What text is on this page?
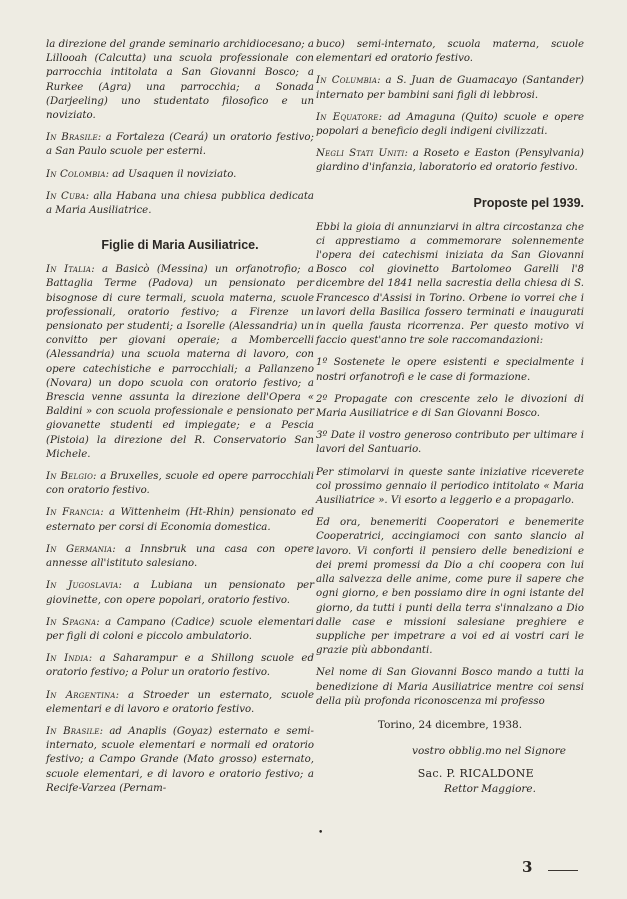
la direzione del grande seminario archidiocesano; a Lillooah (Calcutta) una scuola professionale con parrocchia intitolata a San Giovanni Bosco; a Rurkee (Agra) una parrocchia; a Sonada (Darjeeling) uno studentato filosofico e un noviziato.

In Brasile: a Fortaleza (Ceará) un oratorio festivo; a San Paulo scuole per esterni.

In Colombia: ad Usaquen il noviziato.

In Cuba: alla Habana una chiesa pubblica dedicata a Maria Ausiliatrice.

Figlie di Maria Ausiliatrice.

In Italia: a Basicò (Messina) un orfanotrofio; a Battaglia Terme (Padova) un pensionato per bisognose di cure termali, scuola materna, scuole professionali, oratorio festivo; a Firenze un pensionato per studenti; a Isorelle (Alessandria) un convitto per giovani operaie; a Mombercelli (Alessandria) una scuola materna di lavoro, con opere catechistiche e parrocchiali; a Pallanzeno (Novara) un dopo scuola con oratorio festivo; a Brescia venne assunta la direzione dell'Opera « Baldini » con scuola professionale e pensionato per giovanette studenti ed impiegate; e a Pescia (Pistoia) la direzione del R. Conservatorio San Michele.

In Belgio: a Bruxelles, scuole ed opere parrocchiali con oratorio festivo.

In Francia: a Wittenheim (Ht-Rhin) pensionato ed esternato per corsi di Economia domestica.

In Germania: a Innsbruk una casa con opere annesse all'istituto salesiano.

In Jugoslavia: a Lubiana un pensionato per giovinette, con opere popolari, oratorio festivo.

In Spagna: a Campano (Cadice) scuole elementari per figli di coloni e piccolo ambulatorio.

In India: a Saharampur e a Shillong scuole ed oratorio festivo; a Polur un oratorio festivo.

In Argentina: a Stroeder un esternato, scuole elementari e di lavoro e oratorio festivo.

In Brasile: ad Anaplis (Goyaz) esternato e semi-internato, scuole elementari e normali ed oratorio festivo; a Campo Grande (Mato grosso) esternato, scuole elementari, e di lavoro e oratorio festivo; a Recife-Varzea (Pernam-

buco) semi-internato, scuola materna, scuole elementari ed oratorio festivo.

In Columbia: a S. Juan de Guamacayo (Santander) internato per bambini sani figli di lebbrosi.

In Equatore: ad Amaguna (Quito) scuole e opere popolari a beneficio degli indigeni civilizzati.

Negli Stati Uniti: a Roseto e Easton (Pensylvania) giardino d'infanzia, laboratorio ed oratorio festivo.

Proposte pel 1939.

Ebbi la gioia di annunziarvi in altra circostanza che ci apprestiamo a commemorare solennemente l'opera dei catechismi iniziata da San Giovanni Bosco col giovinetto Bartolomeo Garelli l'8 dicembre del 1841 nella sacrestia della chiesa di S. Francesco d'Assisi in Torino. Orbene io vorrei che i lavori della Basilica fossero terminati e inaugurati in quella fausta ricorrenza. Per questo motivo vi faccio quest'anno tre sole raccomandazioni:

1º Sostenete le opere esistenti e specialmente i nostri orfanotrofi e le case di formazione.

2º Propagate con crescente zelo le divozioni di Maria Ausiliatrice e di San Giovanni Bosco.

3º Date il vostro generoso contributo per ultimare i lavori del Santuario.

Per stimolarvi in queste sante iniziative riceverete col prossimo gennaio il periodico intitolato « Maria Ausiliatrice ». Vi esorto a leggerlo e a propagarlo.

Ed ora, benemeriti Cooperatori e benemerite Cooperatrici, accingiamoci con santo slancio al lavoro. Vi conforti il pensiero delle benedizioni e dei premi promessi da Dio a chi coopera con lui alla salvezza delle anime, come pure il sapere che ogni giorno, e ben possiamo dire in ogni istante del giorno, da tutti i punti della terra s'innalzano a Dio dalle case e missioni salesiane preghiere e suppliche per impetrare a voi ed ai vostri cari le grazie più abbondanti.

Nel nome di San Giovanni Bosco mando a tutti la benedizione di Maria Ausiliatrice mentre coi sensi della più profonda riconoscenza mi professo

Torino, 24 dicembre, 1938.
vostro obblig.mo nel Signore
Sac. P. RICALDONE
Rettor Maggiore.
•
3
